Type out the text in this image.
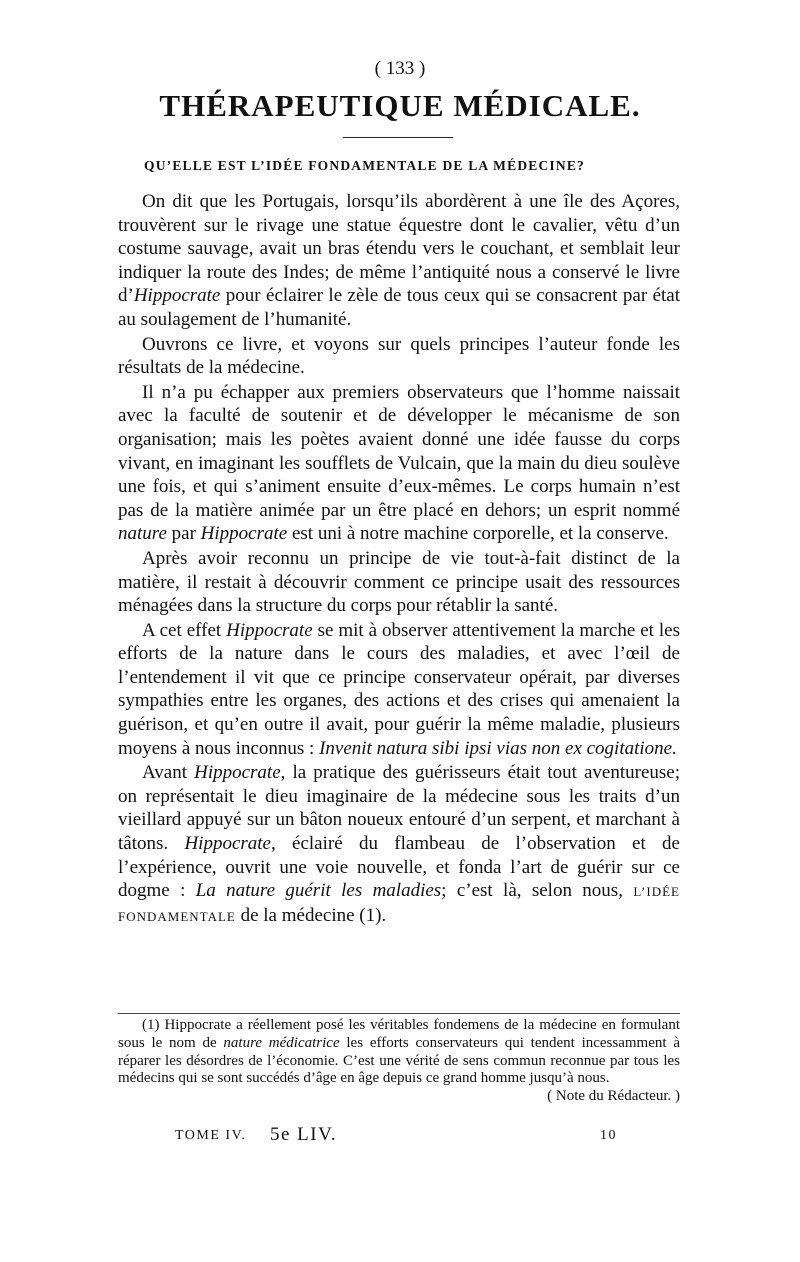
( 133 )
THÉRAPEUTIQUE MÉDICALE.
QU’ELLE EST L’IDÉE FONDAMENTALE DE LA MÉDECINE?

On dit que les Portugais, lorsqu’ils abordèrent à une île des Açores, trouvèrent sur le rivage une statue équestre dont le cavalier, vêtu d’un costume sauvage, avait un bras étendu vers le couchant, et semblait leur indiquer la route des Indes; de même l’antiquité nous a conservé le livre d’Hippocrate pour éclairer le zèle de tous ceux qui se consacrent par état au soulagement de l’humanité.

Ouvrons ce livre, et voyons sur quels principes l’auteur fonde les résultats de la médecine.

Il n’a pu échapper aux premiers observateurs que l’homme naissait avec la faculté de soutenir et de développer le mécanisme de son organisation; mais les poètes avaient donné une idée fausse du corps vivant, en imaginant les soufflets de Vulcain, que la main du dieu soulève une fois, et qui s’animent ensuite d’eux-mêmes. Le corps humain n’est pas de la matière animée par un être placé en dehors; un esprit nommé nature par Hippocrate est uni à notre machine corporelle, et la conserve.

Après avoir reconnu un principe de vie tout-à-fait distinct de la matière, il restait à découvrir comment ce principe usait des ressources ménagées dans la structure du corps pour rétablir la santé.

A cet effet Hippocrate se mit à observer attentivement la marche et les efforts de la nature dans le cours des maladies, et avec l’œil de l’entendement il vit que ce principe conservateur opérait, par diverses sympathies entre les organes, des actions et des crises qui amenaient la guérison, et qu’en outre il avait, pour guérir la même maladie, plusieurs moyens à nous inconnus : Invenit natura sibi ipsi vias non ex cogitatione.

Avant Hippocrate, la pratique des guérisseurs était tout aventureuse; on représentait le dieu imaginaire de la médecine sous les traits d’un vieillard appuyé sur un bâton noueux entouré d’un serpent, et marchant à tâtons. Hippocrate, éclairé du flambeau de l’observation et de l’expérience, ouvrit une voie nouvelle, et fonda l’art de guérir sur ce dogme : La nature guérit les maladies; c’est là, selon nous, L’IDÉE FONDAMENTALE de la médecine (1).

(1) Hippocrate a réellement posé les véritables fondemens de la médecine en formulant sous le nom de nature médicatrice les efforts conservateurs qui tendent incessamment à réparer les désordres de l’économie. C’est une vérité de sens commun reconnue par tous les médecins qui se sont succédés d’âge en âge depuis ce grand homme jusqu’à nous.
( Note du Rédacteur. )

TOME IV. 5e LIV.	10
